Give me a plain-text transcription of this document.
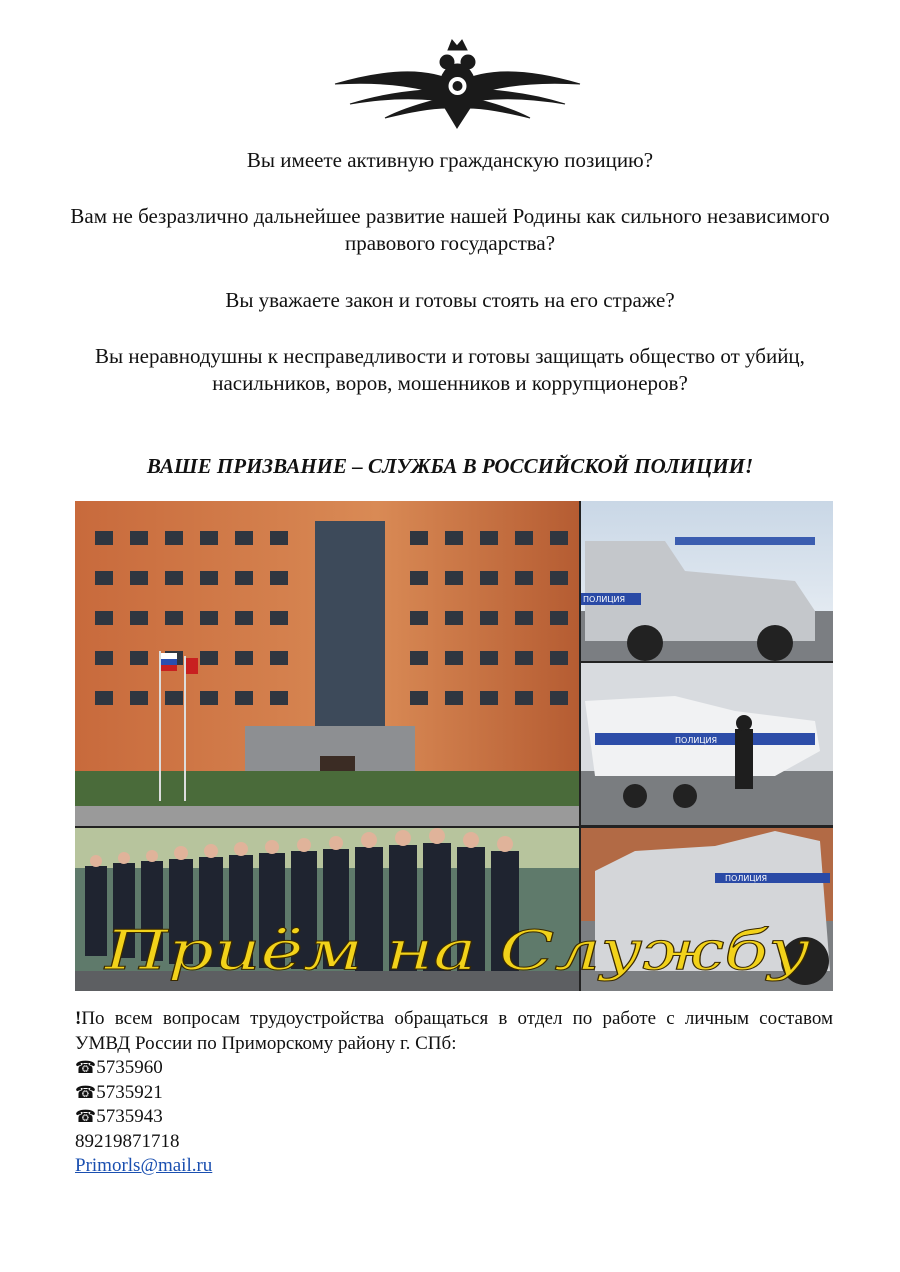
Вы имеете активную гражданскую позицию?

Вам не безразлично дальнейшее развитие нашей Родины как сильного независимого правового государства?

Вы уважаете закон и готовы стоять на его страже?

Вы неравнодушны к несправедливости и готовы защищать общество от убийц, насильников, воров, мошенников и коррупционеров?

ВАШЕ ПРИЗВАНИЕ – СЛУЖБА В РОССИЙСКОЙ ПОЛИЦИИ!

ПОЛИЦИЯ
ПОЛИЦИЯ
ПОЛИЦИЯ
Приём на Службу

!По всем вопросам трудоустройства обращаться в отдел по работе с личным составом УМВД России по Приморскому району г. СПб:

☎5735960

☎5735921

☎5735943

89219871718

Primorls@mail.ru
